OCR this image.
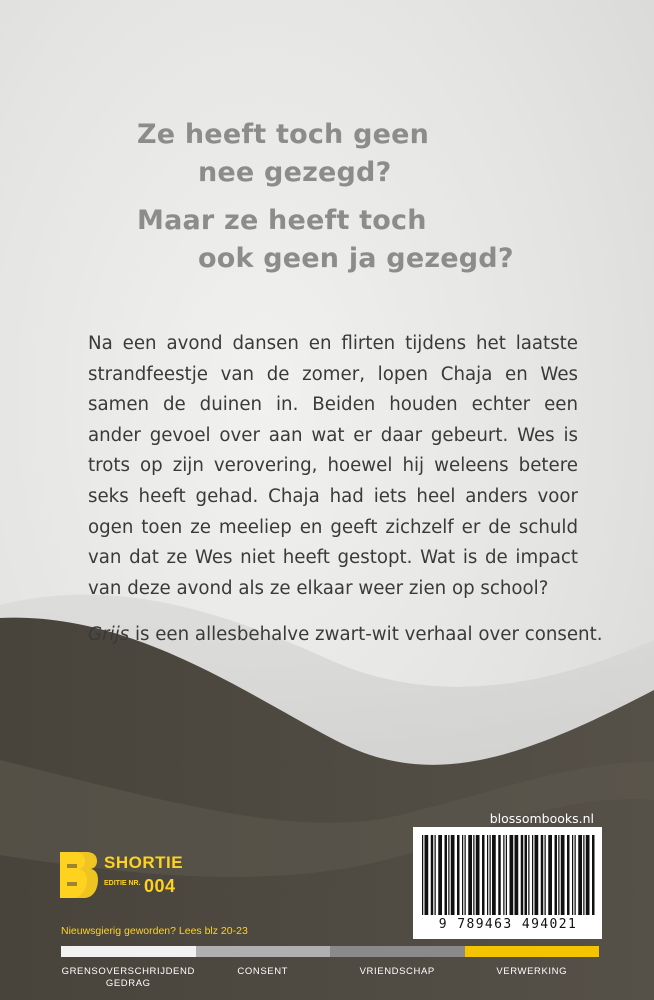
Ze heeft toch geen
nee gezegd?
Maar ze heeft toch
ook geen ja gezegd?

Na een avond dansen en flirten tijdens het laatste strandfeestje van de zomer, lopen Chaja en Wes samen de duinen in. Beiden houden echter een ander gevoel over aan wat er daar gebeurt. Wes is trots op zijn verovering, hoewel hij weleens betere seks heeft gehad. Chaja had iets heel anders voor ogen toen ze meeliep en geeft zichzelf er de schuld van dat ze Wes niet heeft gestopt. Wat is de impact van deze avond als ze elkaar weer zien op school?

Grijs is een allesbehalve zwart-wit verhaal over consent.
blossombooks.nl
9 789463 494021
SHORTIE
EDITIE NR. 004
Nieuwsgierig geworden? Lees blz 20-23
GRENSOVERSCHRIJDEND GEDRAG
CONSENT	VRIENDSCHAP	VERWERKING
